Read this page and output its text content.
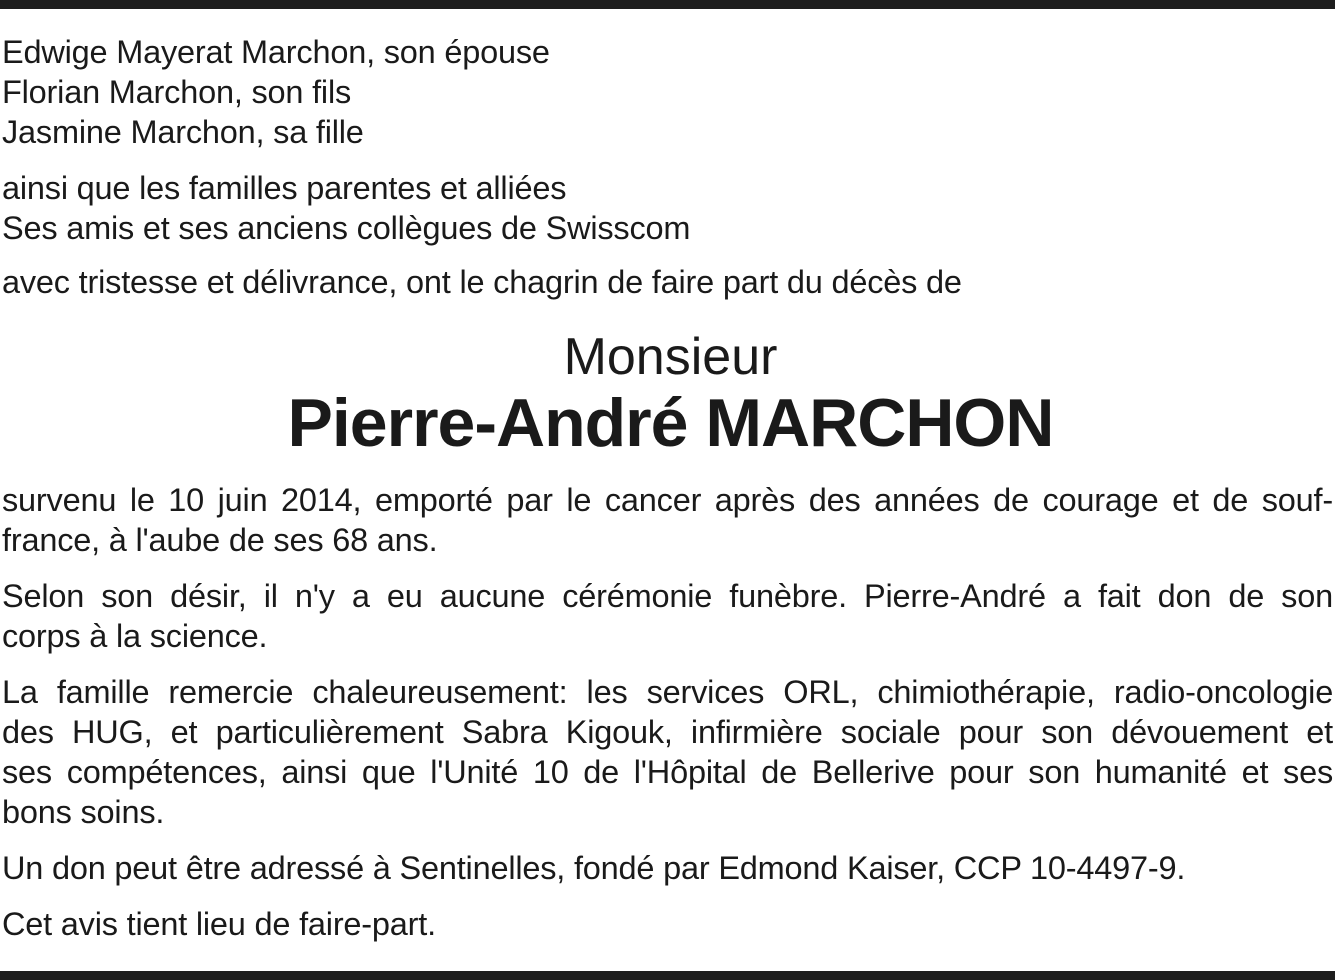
Edwige Mayerat Marchon, son épouse
Florian Marchon, son fils
Jasmine Marchon, sa fille
ainsi que les familles parentes et alliées
Ses amis et ses anciens collègues de Swisscom
avec tristesse et délivrance, ont le chagrin de faire part du décès de
Monsieur
Pierre-André MARCHON
survenu le 10 juin 2014, emporté par le cancer après des années de courage et de souf-
france, à l'aube de ses 68 ans.
Selon son désir, il n'y a eu aucune cérémonie funèbre. Pierre-André a fait don de son
corps à la science.
La famille remercie chaleureusement: les services ORL, chimiothérapie, radio-oncologie
des HUG, et particulièrement Sabra Kigouk, infirmière sociale pour son dévouement et
ses compétences, ainsi que l'Unité 10 de l'Hôpital de Bellerive pour son humanité et ses
bons soins.
Un don peut être adressé à Sentinelles, fondé par Edmond Kaiser, CCP 10-4497-9.
Cet avis tient lieu de faire-part.
